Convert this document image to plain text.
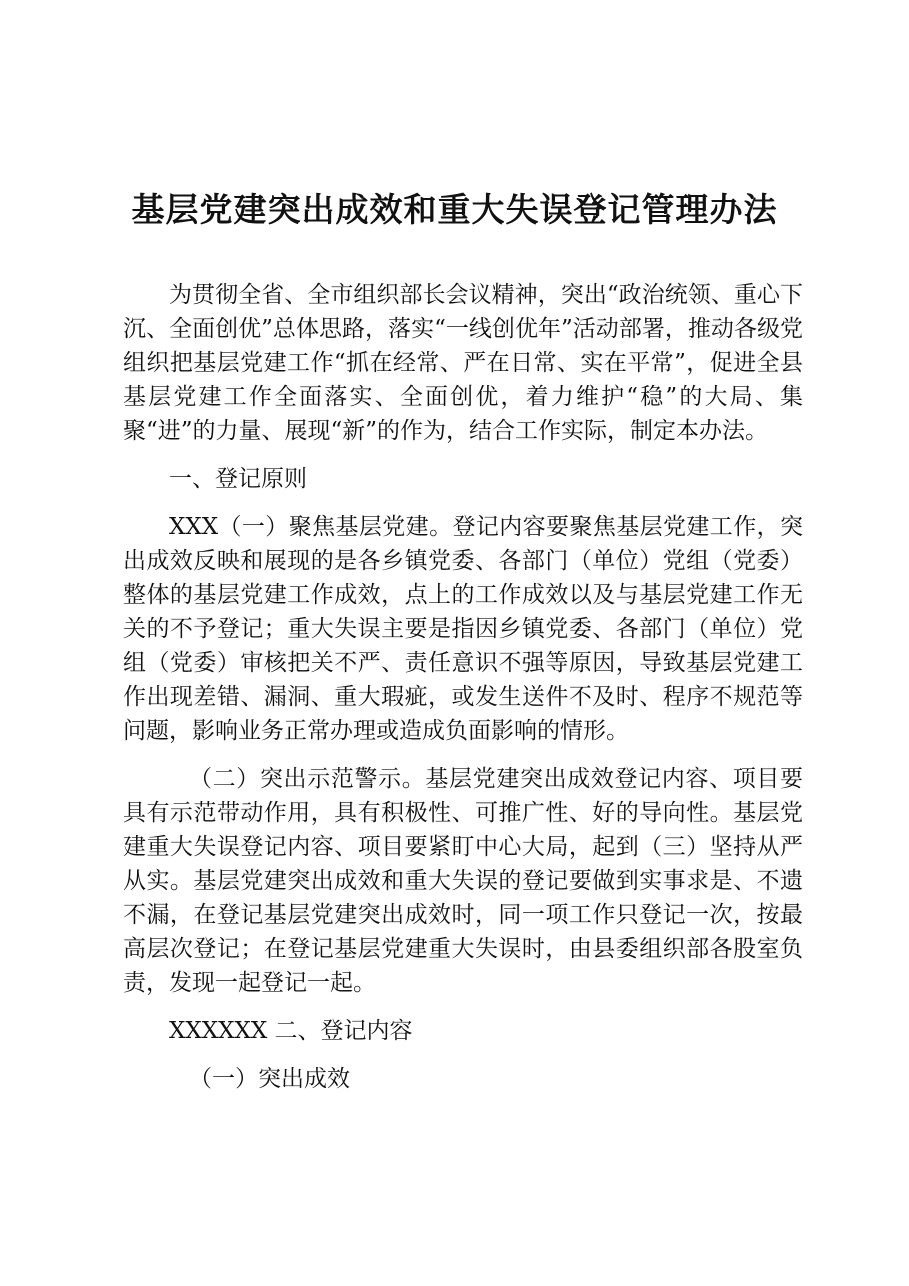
基层党建突出成效和重大失误登记管理办法

为贯彻全省、全市组织部长会议精神，突出“政治统领、重心下沉、全面创优”总体思路，落实“一线创优年”活动部署，推动各级党组织把基层党建工作“抓在经常、严在日常、实在平常”，促进全县基层党建工作全面落实、全面创优，着力维护“稳”的大局、集聚“进”的力量、展现“新”的作为，结合工作实际，制定本办法。

一、登记原则

XXX（一）聚焦基层党建。登记内容要聚焦基层党建工作，突出成效反映和展现的是各乡镇党委、各部门（单位）党组（党委）整体的基层党建工作成效，点上的工作成效以及与基层党建工作无关的不予登记；重大失误主要是指因乡镇党委、各部门（单位）党组（党委）审核把关不严、责任意识不强等原因，导致基层党建工作出现差错、漏洞、重大瑕疵，或发生送件不及时、程序不规范等问题，影响业务正常办理或造成负面影响的情形。

（二）突出示范警示。基层党建突出成效登记内容、项目要具有示范带动作用，具有积极性、可推广性、好的导向性。基层党建重大失误登记内容、项目要紧盯中心大局，起到（三）坚持从严从实。基层党建突出成效和重大失误的登记要做到实事求是、不遗不漏，在登记基层党建突出成效时，同一项工作只登记一次，按最高层次登记；在登记基层党建重大失误时，由县委组织部各股室负责，发现一起登记一起。

XXXXXX 二、登记内容

（一）突出成效
